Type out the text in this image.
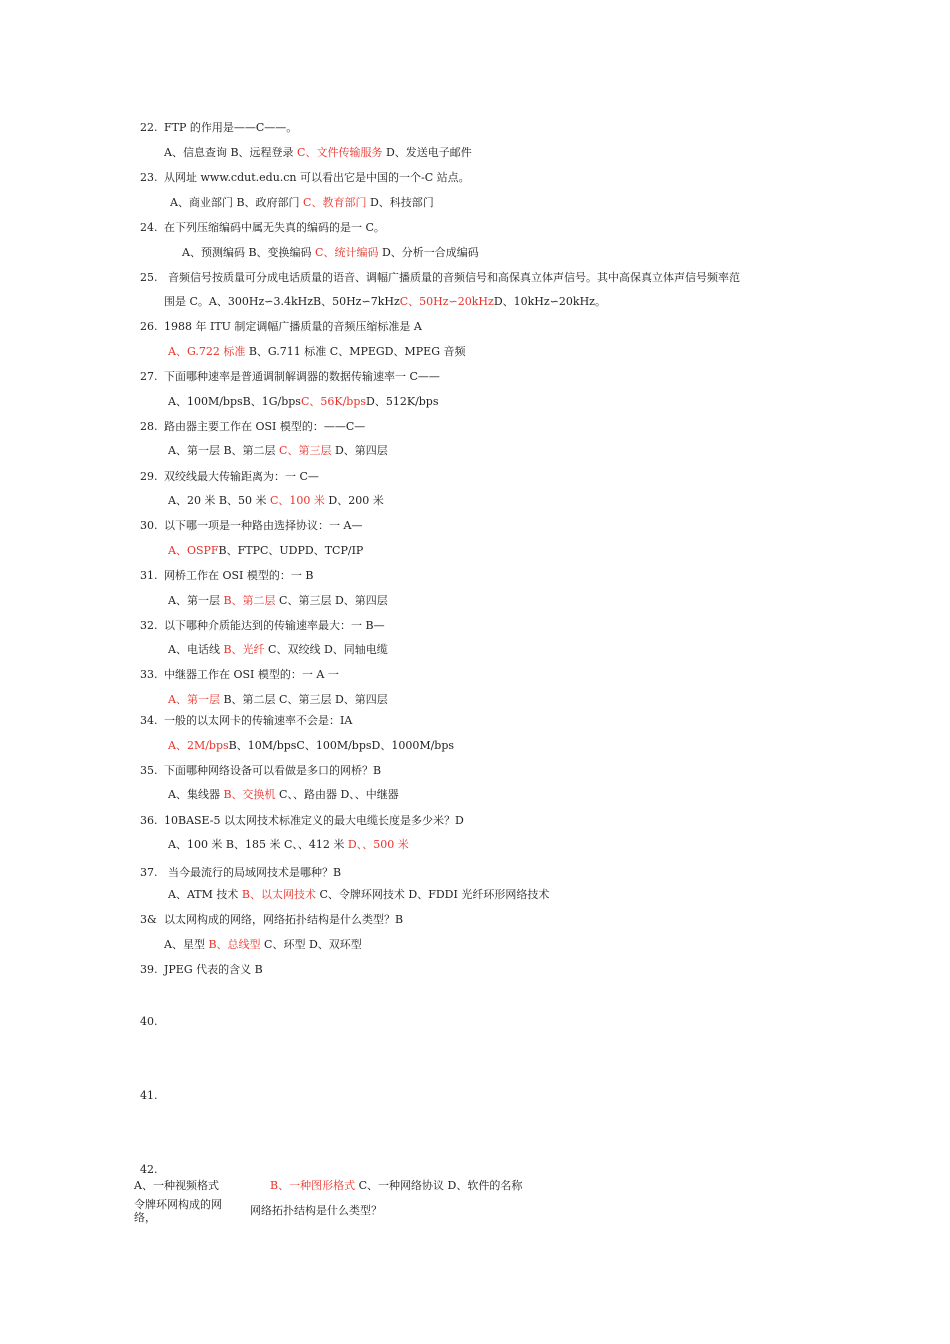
22. FTP 的作用是——C——。
A、信息查询 B、远程登录 C、文件传输服务 D、发送电子邮件
23. 从网址 www.cdut.edu.cn 可以看出它是中国的一个-C 站点。
A、商业部门 B、政府部门 C、教育部门 D、科技部门
24. 在下列压缩编码中属无失真的编码的是一 C。
A、预测编码 B、变换编码 C、统计编码 D、分析一合成编码
25. 音频信号按质量可分成电话质量的语音、调幅广播质量的音频信号和高保真立体声信号。其中高保真立体声信号频率范
围是 C。A、300Hz∽3.4kHzB、50Hz∽7kHzC、50Hz∽20kHzD、10kHz∽20kHz。
26. 1988 年 ITU 制定调幅广播质量的音频压缩标准是 A
A、G.722 标准 B、G.711 标准 C、MPEGD、MPEG 音频
27. 下面哪种速率是普通调制解调器的数据传输速率一 C——
A、100M/bpsB、1G/bpsC、56K/bpsD、512K/bps
28. 路由器主要工作在 OSI 模型的：——C—
A、第一层 B、第二层 C、第三层 D、第四层
29. 双绞线最大传输距离为：一 C—
A、20 米 B、50 米 C、100 米 D、200 米
30. 以下哪一项是一种路由选择协议：一 A—
A、OSPFB、FTPC、UDPD、TCP/IP
31. 网桥工作在 OSI 模型的：一 B
A、第一层 B、第二层 C、第三层 D、第四层
32. 以下哪种介质能达到的传输速率最大：一 B—
A、电话线 B、光纤 C、双绞线 D、同轴电缆
33. 中继器工作在 OSI 模型的：一 A 一
A、第一层 B、第二层 C、第三层 D、第四层
34. 一般的以太网卡的传输速率不会是：IA
A、2M/bpsB、10M/bpsC、100M/bpsD、1000M/bps
35. 下面哪种网络设备可以看做是多口的网桥？B
A、集线器 B、交换机 C、、路由器 D、、中继器
36. 10BASE-5 以太网技术标准定义的最大电缆长度是多少米？D
A、100 米 B、185 米 C、、412 米 D、、500 米
37. 当今最流行的局域网技术是哪种？B
A、ATM 技术 B、以太网技术 C、令牌环网技术 D、FDDI 光纤环形网络技术
3& 以太网构成的网络，网络拓扑结构是什么类型？B
A、星型 B、总线型 C、环型 D、双环型
39. JPEG 代表的含义 B
40.
41.
42.
A、一种视频格式	B、一种图形格式 C、一种网络协议 D、软件的名称
令牌环网构成的网络，
网络拓扑结构是什么类型？
